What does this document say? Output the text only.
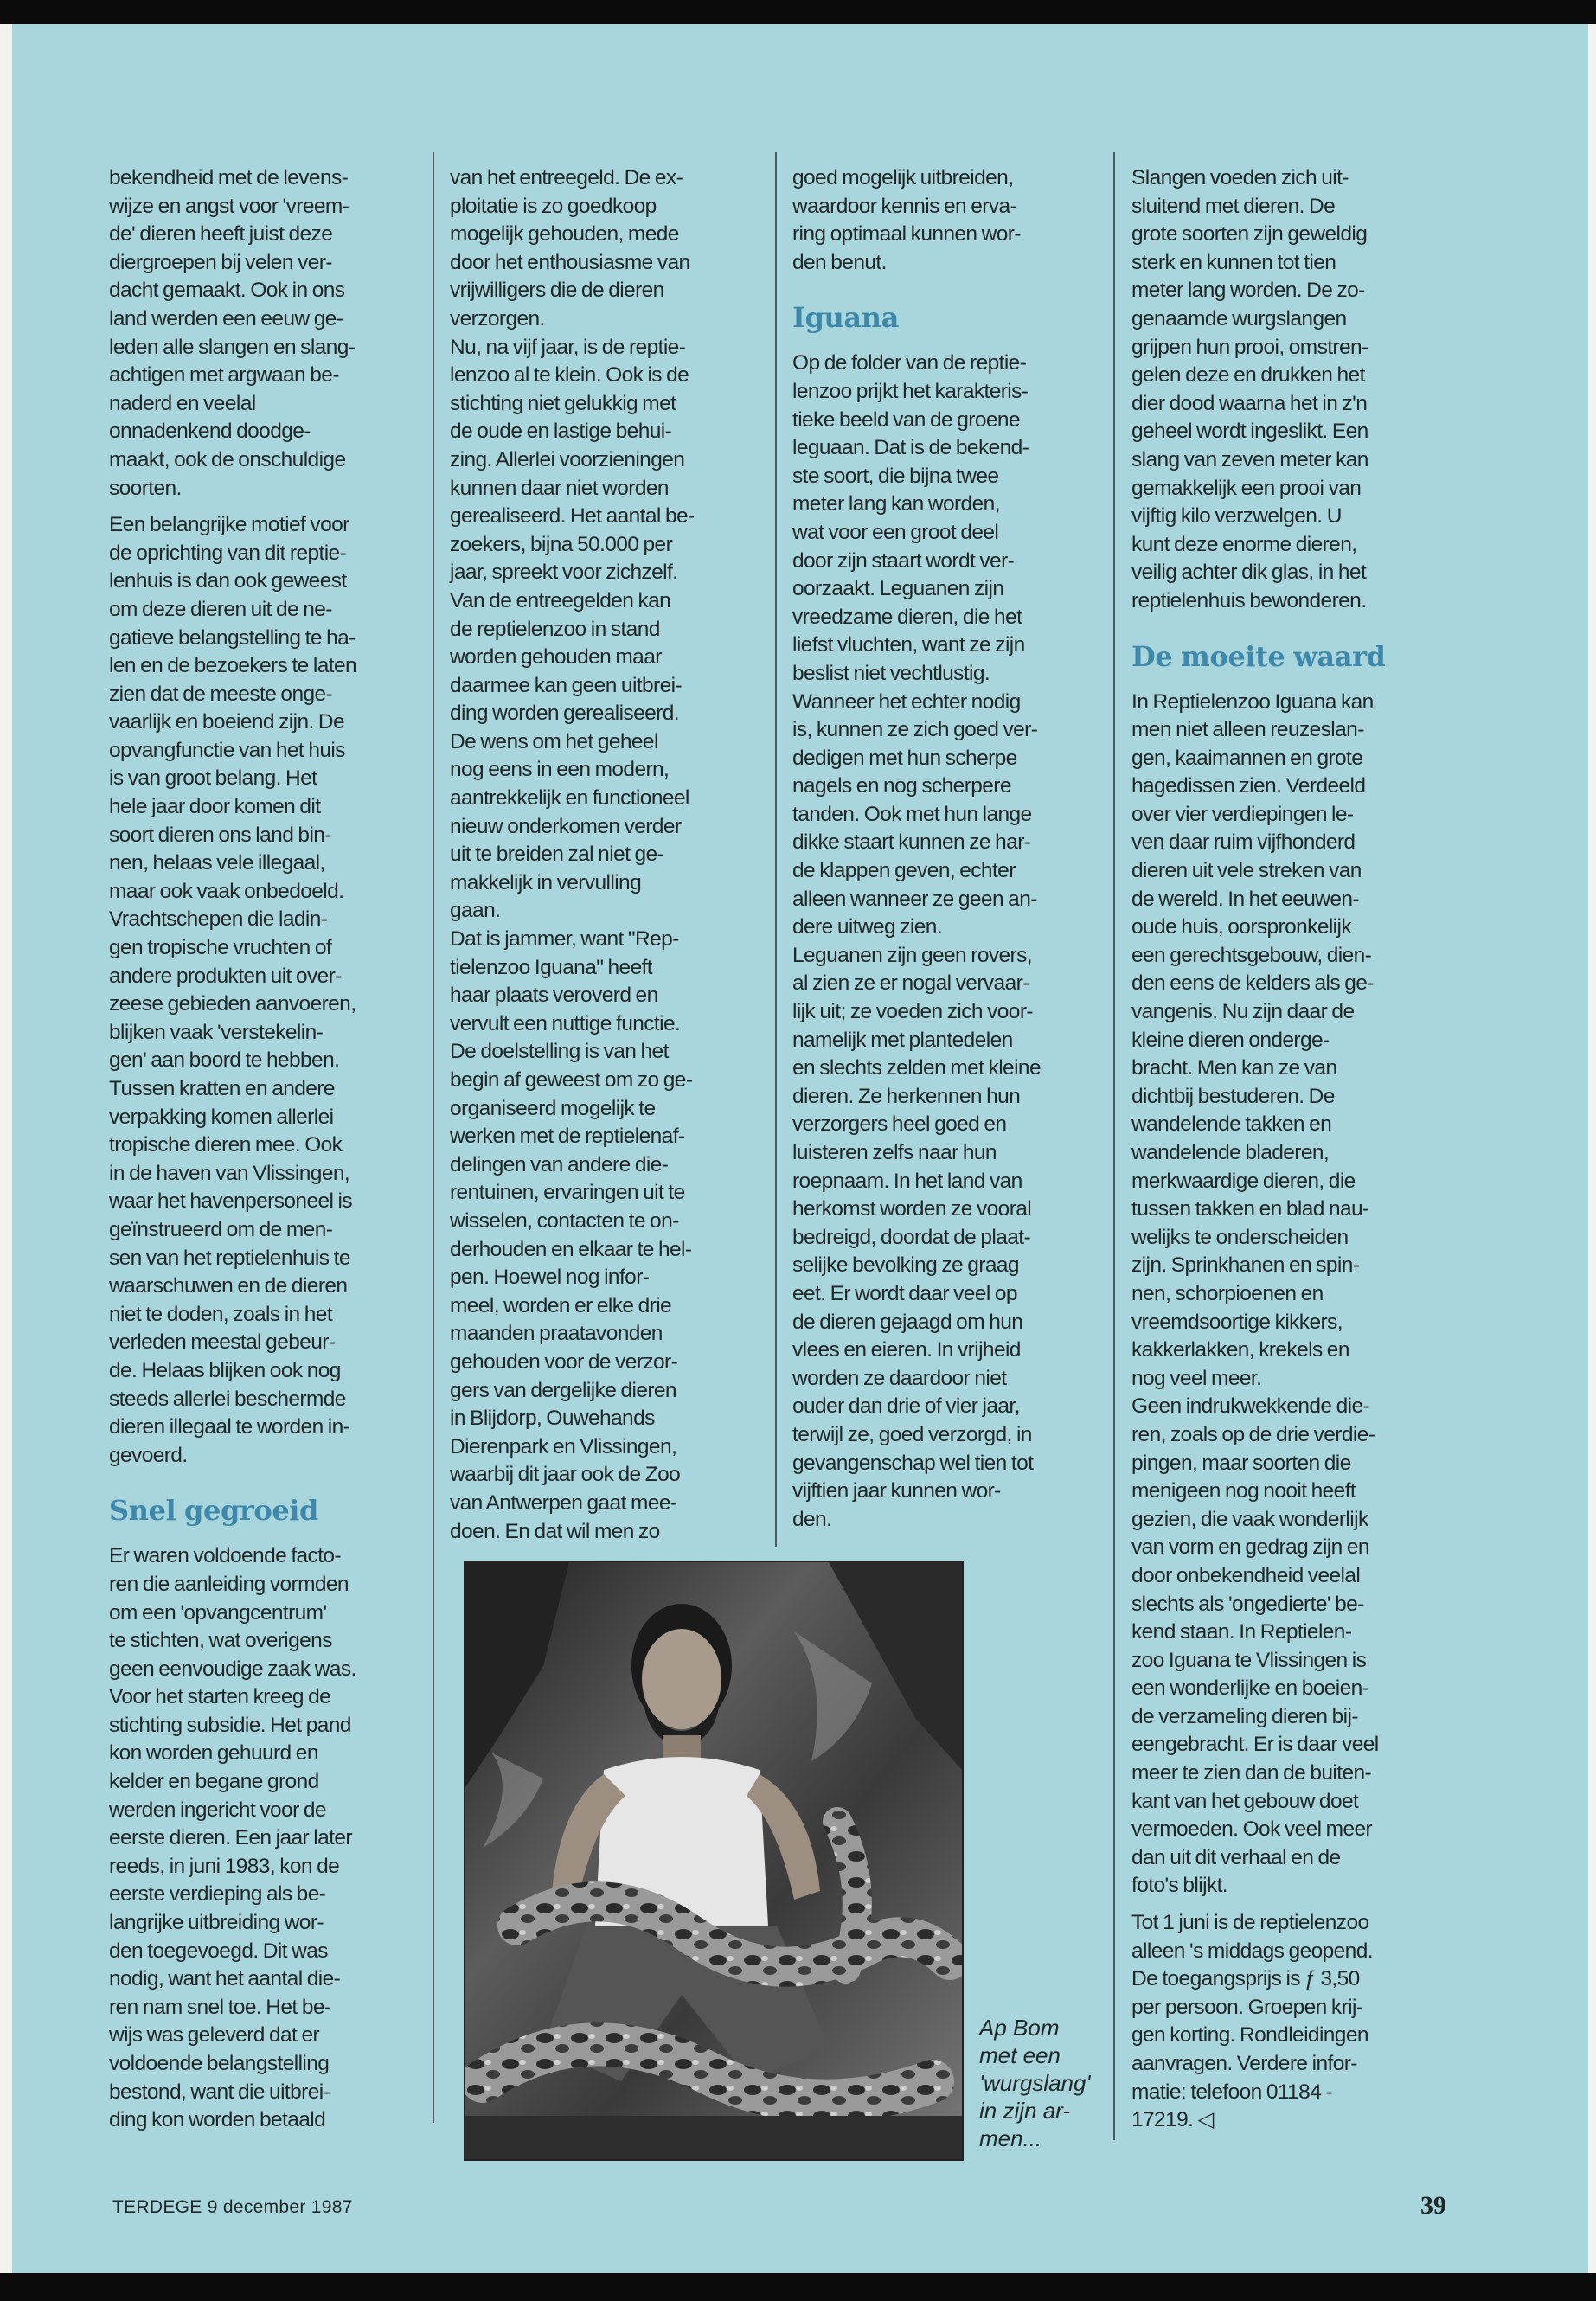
bekendheid met de levens-
wijze en angst voor 'vreem-
de' dieren heeft juist deze
diergroepen bij velen ver-
dacht gemaakt. Ook in ons
land werden een eeuw ge-
leden alle slangen en slang-
achtigen met argwaan be-
naderd en veelal
onnadenkend doodge-
maakt, ook de onschuldige
soorten.

Een belangrijke motief voor
de oprichting van dit reptie-
lenhuis is dan ook geweest
om deze dieren uit de ne-
gatieve belangstelling te ha-
len en de bezoekers te laten
zien dat de meeste onge-
vaarlijk en boeiend zijn. De
opvangfunctie van het huis
is van groot belang. Het
hele jaar door komen dit
soort dieren ons land bin-
nen, helaas vele illegaal,
maar ook vaak onbedoeld.
Vrachtschepen die ladin-
gen tropische vruchten of
andere produkten uit over-
zeese gebieden aanvoeren,
blijken vaak 'verstekelin-
gen' aan boord te hebben.
Tussen kratten en andere
verpakking komen allerlei
tropische dieren mee. Ook
in de haven van Vlissingen,
waar het havenpersoneel is
geïnstrueerd om de men-
sen van het reptielenhuis te
waarschuwen en de dieren
niet te doden, zoals in het
verleden meestal gebeur-
de. Helaas blijken ook nog
steeds allerlei beschermde
dieren illegaal te worden in-
gevoerd.

Snel gegroeid

Er waren voldoende facto-
ren die aanleiding vormden
om een 'opvangcentrum'
te stichten, wat overigens
geen eenvoudige zaak was.
Voor het starten kreeg de
stichting subsidie. Het pand
kon worden gehuurd en
kelder en begane grond
werden ingericht voor de
eerste dieren. Een jaar later
reeds, in juni 1983, kon de
eerste verdieping als be-
langrijke uitbreiding wor-
den toegevoegd. Dit was
nodig, want het aantal die-
ren nam snel toe. Het be-
wijs was geleverd dat er
voldoende belangstelling
bestond, want die uitbrei-
ding kon worden betaald

van het entreegeld. De ex-
ploitatie is zo goedkoop
mogelijk gehouden, mede
door het enthousiasme van
vrijwilligers die de dieren
verzorgen.
Nu, na vijf jaar, is de reptie-
lenzoo al te klein. Ook is de
stichting niet gelukkig met
de oude en lastige behui-
zing. Allerlei voorzieningen
kunnen daar niet worden
gerealiseerd. Het aantal be-
zoekers, bijna 50.000 per
jaar, spreekt voor zichzelf.
Van de entreegelden kan
de reptielenzoo in stand
worden gehouden maar
daarmee kan geen uitbrei-
ding worden gerealiseerd.
De wens om het geheel
nog eens in een modern,
aantrekkelijk en functioneel
nieuw onderkomen verder
uit te breiden zal niet ge-
makkelijk in vervulling
gaan.
Dat is jammer, want "Rep-
tielenzoo Iguana" heeft
haar plaats veroverd en
vervult een nuttige functie.
De doelstelling is van het
begin af geweest om zo ge-
organiseerd mogelijk te
werken met de reptielenaf-
delingen van andere die-
rentuinen, ervaringen uit te
wisselen, contacten te on-
derhouden en elkaar te hel-
pen. Hoewel nog infor-
meel, worden er elke drie
maanden praatavonden
gehouden voor de verzor-
gers van dergelijke dieren
in Blijdorp, Ouwehands
Dierenpark en Vlissingen,
waarbij dit jaar ook de Zoo
van Antwerpen gaat mee-
doen. En dat wil men zo

goed mogelijk uitbreiden,
waardoor kennis en erva-
ring optimaal kunnen wor-
den benut.

Iguana

Op de folder van de reptie-
lenzoo prijkt het karakteris-
tieke beeld van de groene
leguaan. Dat is de bekend-
ste soort, die bijna twee
meter lang kan worden,
wat voor een groot deel
door zijn staart wordt ver-
oorzaakt. Leguanen zijn
vreedzame dieren, die het
liefst vluchten, want ze zijn
beslist niet vechtlustig.
Wanneer het echter nodig
is, kunnen ze zich goed ver-
dedigen met hun scherpe
nagels en nog scherpere
tanden. Ook met hun lange
dikke staart kunnen ze har-
de klappen geven, echter
alleen wanneer ze geen an-
dere uitweg zien.
Leguanen zijn geen rovers,
al zien ze er nogal vervaar-
lijk uit; ze voeden zich voor-
namelijk met plantedelen
en slechts zelden met kleine
dieren. Ze herkennen hun
verzorgers heel goed en
luisteren zelfs naar hun
roepnaam. In het land van
herkomst worden ze vooral
bedreigd, doordat de plaat-
selijke bevolking ze graag
eet. Er wordt daar veel op
de dieren gejaagd om hun
vlees en eieren. In vrijheid
worden ze daardoor niet
ouder dan drie of vier jaar,
terwijl ze, goed verzorgd, in
gevangenschap wel tien tot
vijftien jaar kunnen wor-
den.

Slangen voeden zich uit-
sluitend met dieren. De
grote soorten zijn geweldig
sterk en kunnen tot tien
meter lang worden. De zo-
genaamde wurgslangen
grijpen hun prooi, omstren-
gelen deze en drukken het
dier dood waarna het in z'n
geheel wordt ingeslikt. Een
slang van zeven meter kan
gemakkelijk een prooi van
vijftig kilo verzwelgen. U
kunt deze enorme dieren,
veilig achter dik glas, in het
reptielenhuis bewonderen.

De moeite waard

In Reptielenzoo Iguana kan
men niet alleen reuzeslan-
gen, kaaimannen en grote
hagedissen zien. Verdeeld
over vier verdiepingen le-
ven daar ruim vijfhonderd
dieren uit vele streken van
de wereld. In het eeuwen-
oude huis, oorspronkelijk
een gerechtsgebouw, dien-
den eens de kelders als ge-
vangenis. Nu zijn daar de
kleine dieren onderge-
bracht. Men kan ze van
dichtbij bestuderen. De
wandelende takken en
wandelende bladeren,
merkwaardige dieren, die
tussen takken en blad nau-
welijks te onderscheiden
zijn. Sprinkhanen en spin-
nen, schorpioenen en
vreemdsoortige kikkers,
kakkerlakken, krekels en
nog veel meer.
Geen indrukwekkende die-
ren, zoals op de drie verdie-
pingen, maar soorten die
menigeen nog nooit heeft
gezien, die vaak wonderlijk
van vorm en gedrag zijn en
door onbekendheid veelal
slechts als 'ongedierte' be-
kend staan. In Reptielen-
zoo Iguana te Vlissingen is
een wonderlijke en boeien-
de verzameling dieren bij-
eengebracht. Er is daar veel
meer te zien dan de buiten-
kant van het gebouw doet
vermoeden. Ook veel meer
dan uit dit verhaal en de
foto's blijkt.

Tot 1 juni is de reptielenzoo
alleen 's middags geopend.
De toegangsprijs is ƒ 3,50
per persoon. Groepen krij-
gen korting. Rondleidingen
aanvragen. Verdere infor-
matie: telefoon 01184 -
17219. ◁

Ap Bom
met een
'wurgslang'
in zijn ar-
men...
TERDEGE 9 december 1987	39
